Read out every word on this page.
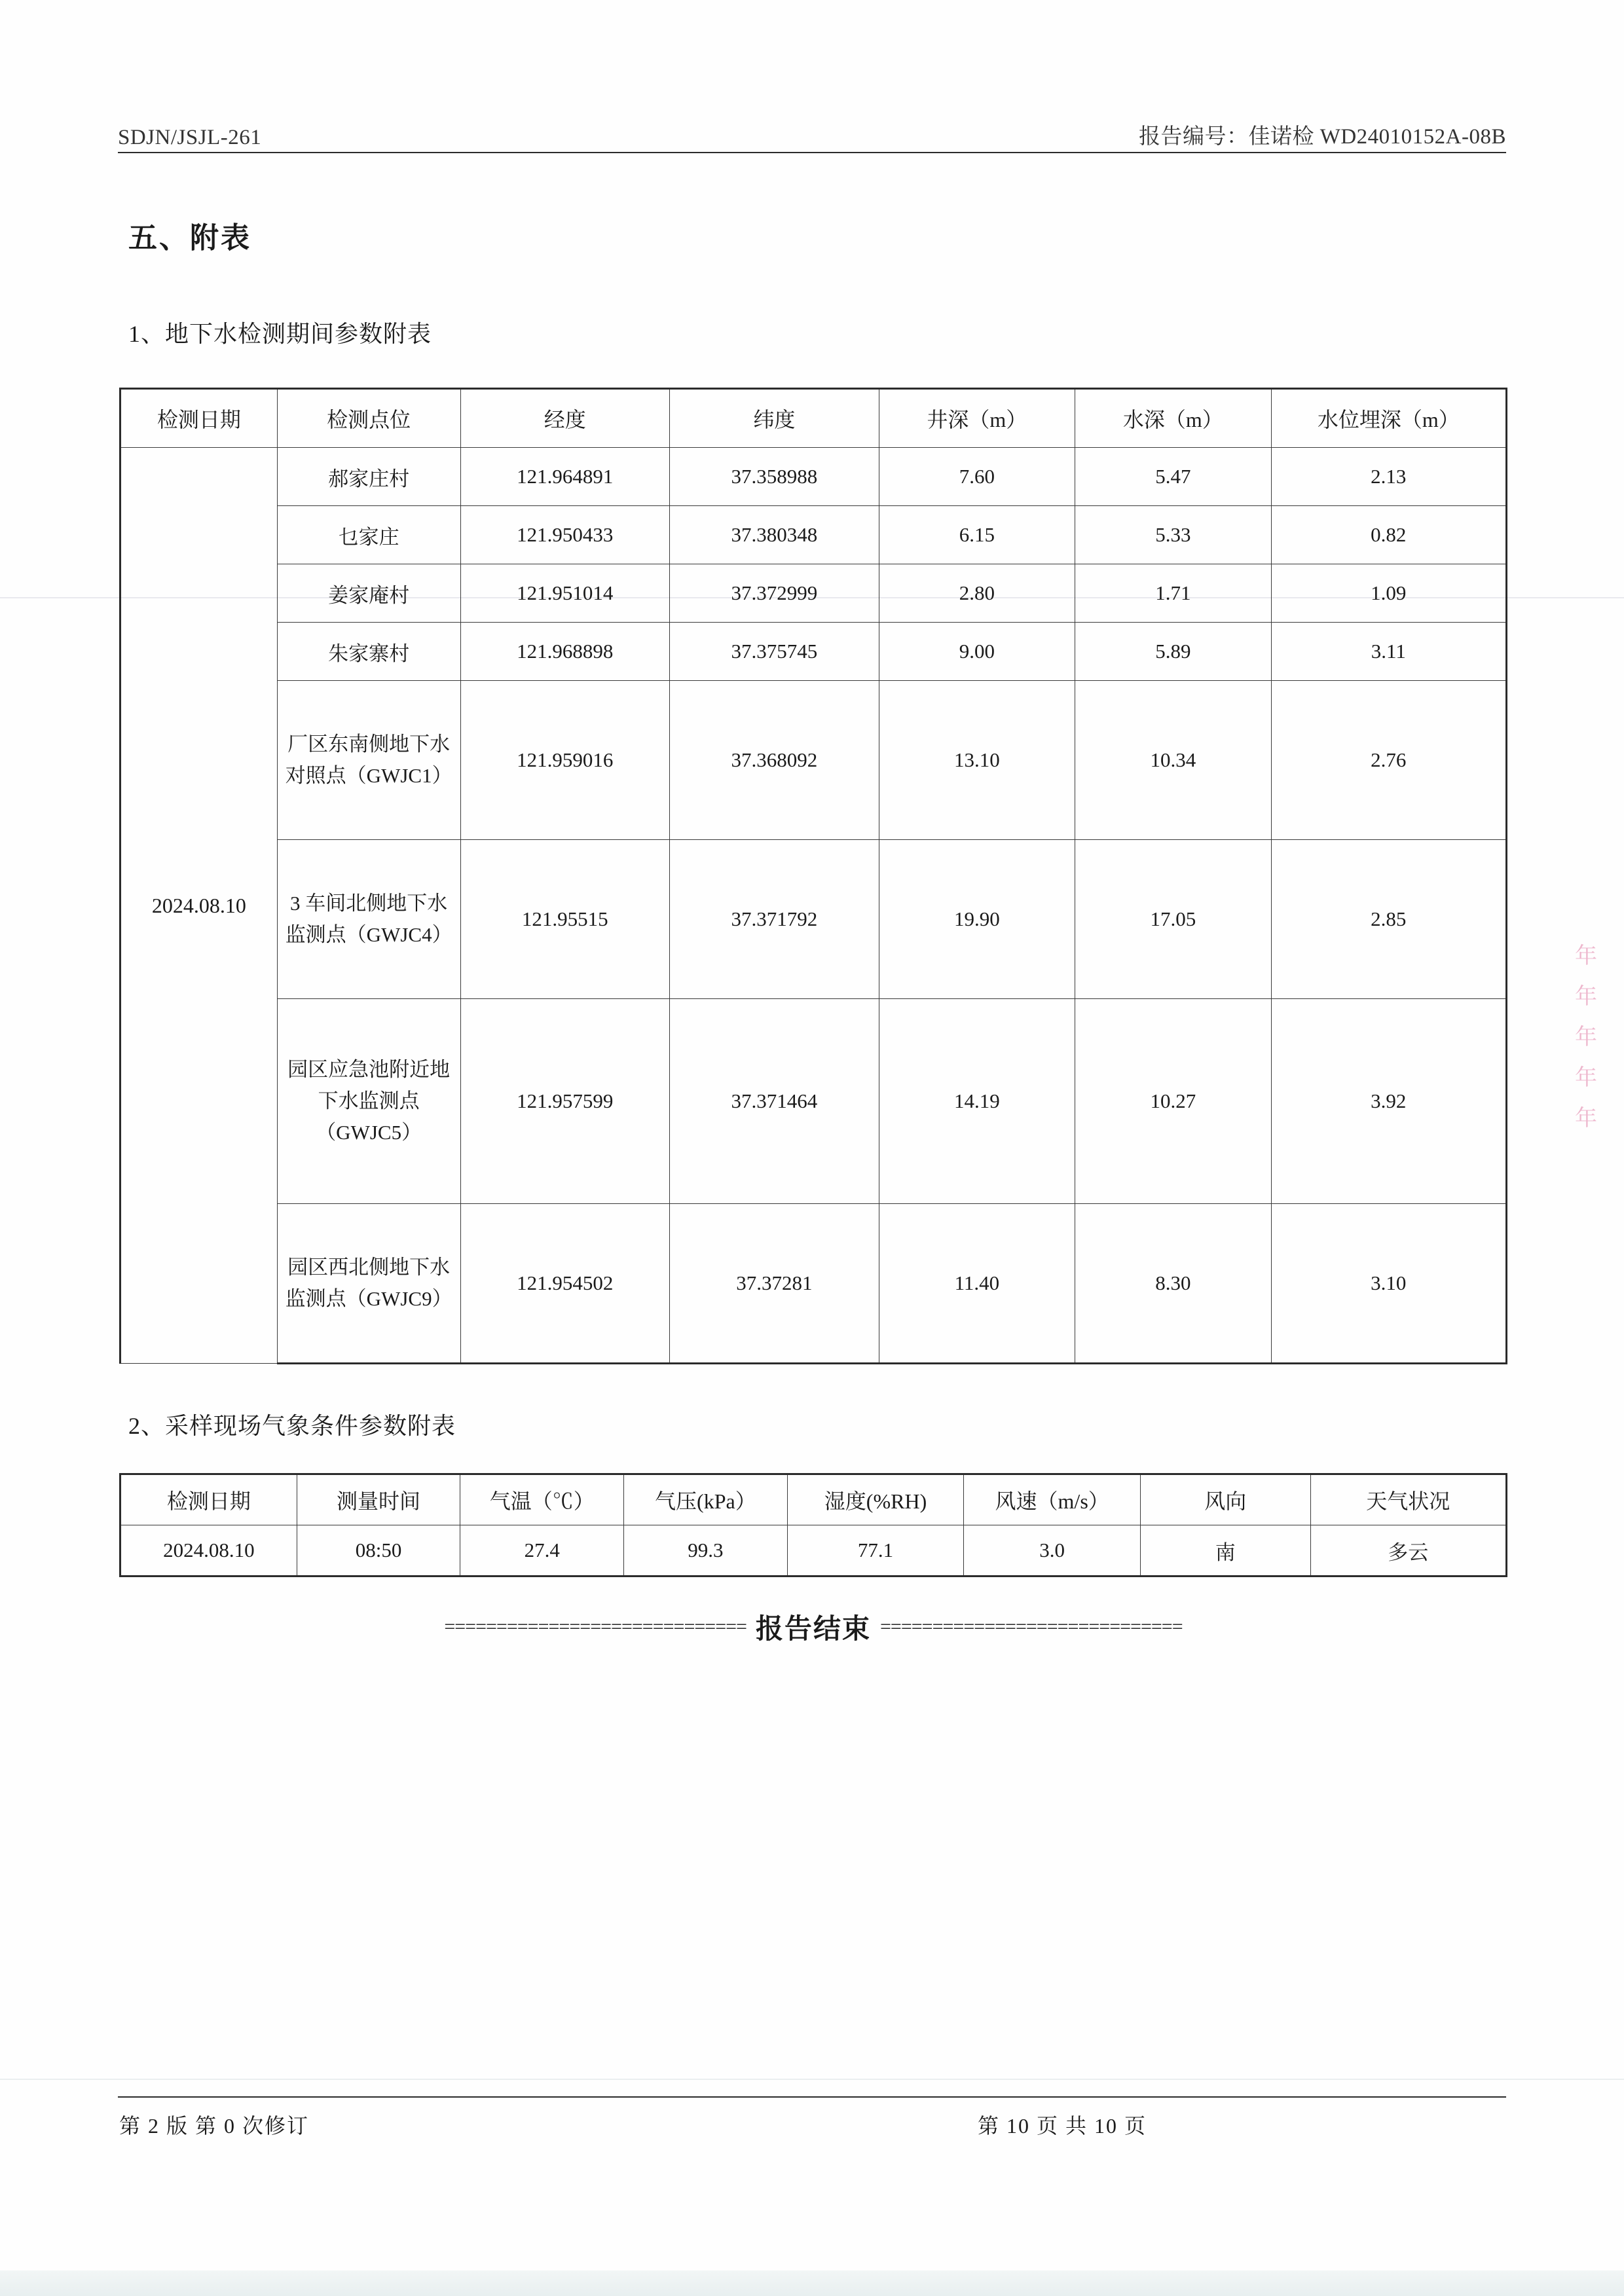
SDJN/JSJL-261	报告编号：佳诺检 WD24010152A-08B
五、附表
1、地下水检测期间参数附表
检测日期	检测点位	经度	纬度	井深（m）	水深（m）	水位埋深（m）
2024.08.10	郝家庄村	121.964891	37.358988	7.60	5.47	2.13
	乜家庄	121.950433	37.380348	6.15	5.33	0.82
	姜家庵村	121.951014	37.372999	2.80	1.71	1.09
	朱家寨村	121.968898	37.375745	9.00	5.89	3.11

	厂区东南侧地下水对照点（GWJC1）	121.959016	37.368092	13.10	10.34	2.76

	3 车间北侧地下水监测点（GWJC4）	121.95515	37.371792	19.90	17.05	2.85

	园区应急池附近地下水监测点（GWJC5）	121.957599	37.371464	14.19	10.27	3.92

	园区西北侧地下水监测点（GWJC9）	121.954502	37.37281	11.40	8.30	3.10
2、采样现场气象条件参数附表
检测日期	测量时间	气温（℃）	气压(kPa）	湿度(%RH)	风速（m/s）	风向	天气状况
2024.08.10	08:50	27.4	99.3	77.1	3.0	南	多云
============================= 报告结束 =============================
年 年 年 年 年
第 2 版 第 0 次修订	第 10 页 共 10 页
